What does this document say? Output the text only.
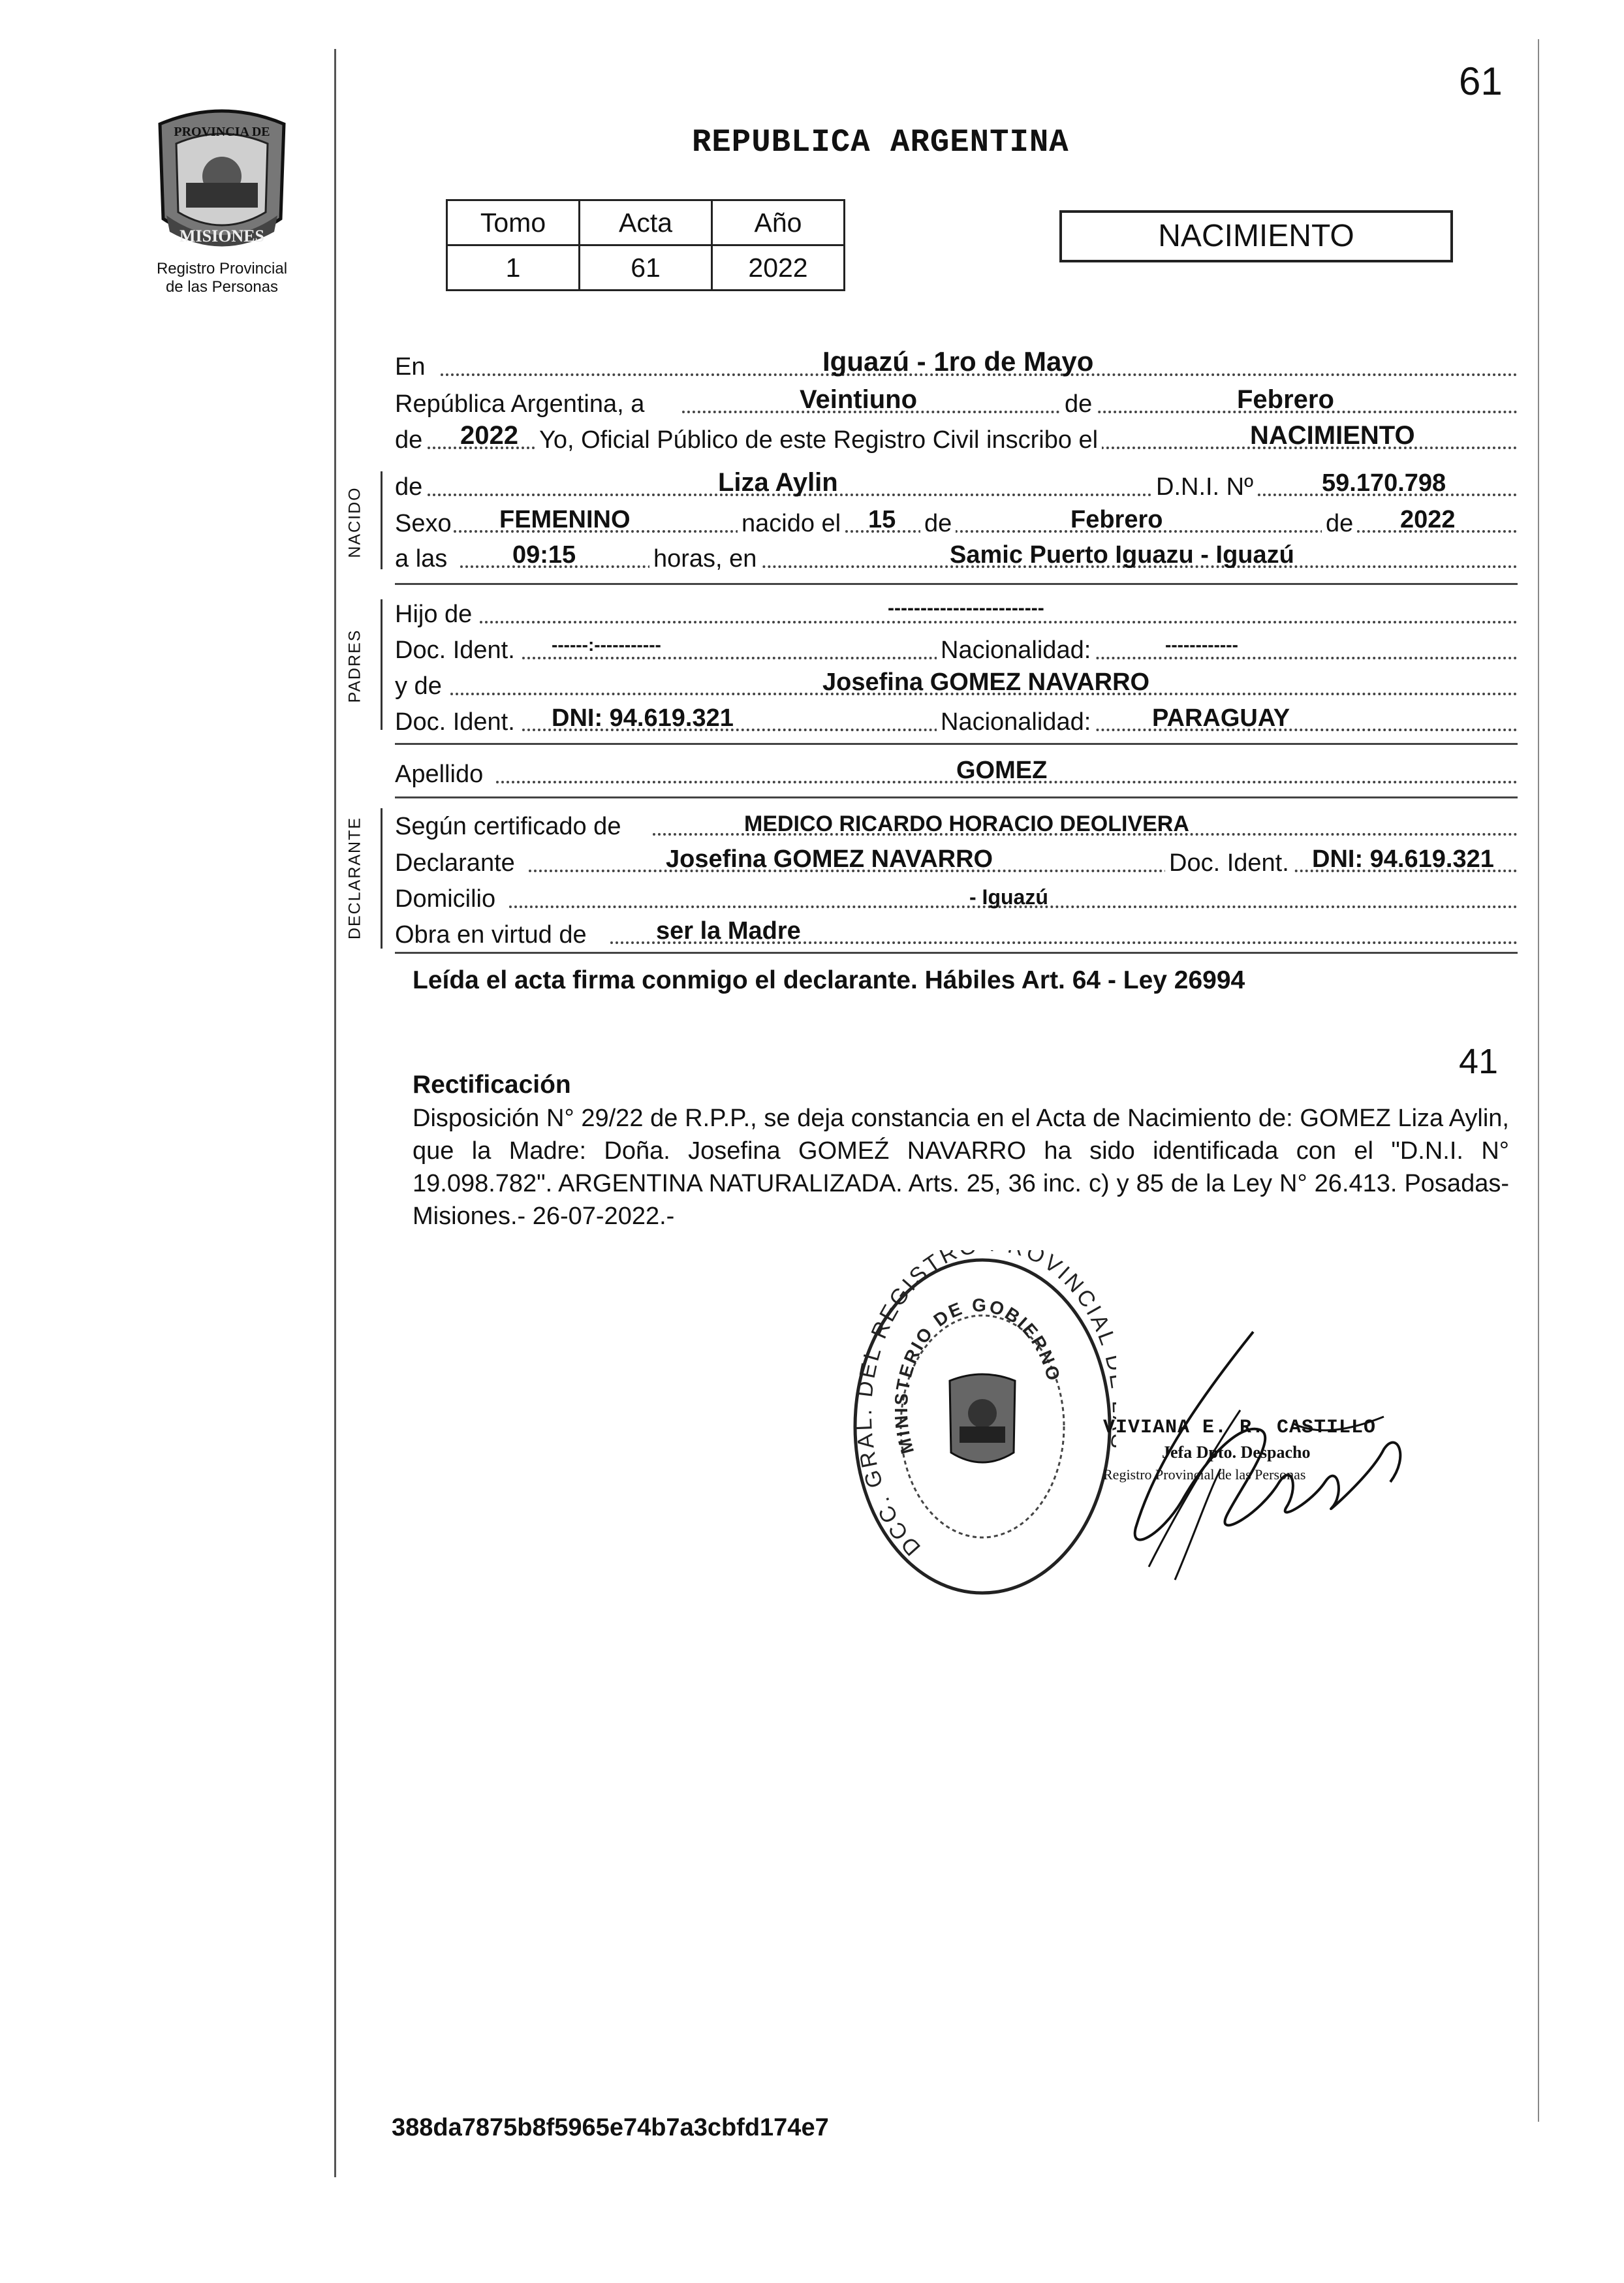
PROVINCIA DE
MISIONES
Registro Provincial
de las Personas
REPUBLICA ARGENTINA
61
Tomo	Acta	Año
1	61	2022
NACIMIENTO
En	Iguazú - 1ro de Mayo
República Argentina, a	Veintiuno	de	Febrero
de 2022 Yo, Oficial Público de este Registro Civil inscribo el	NACIMIENTO
NACIDO de	Liza Aylin	D.N.I. Nº	59.170.798
Sexo FEMENINO	nacido el 15 de	Febrero	de 2022
a las	09:15	horas, en	Samic Puerto Iguazu - Iguazú
PADRES
Hijo de	------------------------
Doc. Ident. ------:-----------	Nacionalidad:	------------
y de	Josefina GOMEZ NAVARRO
Doc. Ident. DNI: 94.619.321	Nacionalidad: PARAGUAY
Apellido	GOMEZ
DECLARANTE Según certificado de	MEDICO RICARDO HORACIO DEOLIVERA
Declarante	Josefina GOMEZ NAVARRO	Doc. Ident. DNI: 94.619.321
Domicilio	- Iguazú
Obra en virtud de	ser la Madre
Leída el acta firma conmigo el declarante. Hábiles Art. 64 - Ley 26994
41
Rectificación
Disposición N° 29/22 de R.P.P., se deja constancia en el Acta de Nacimiento de: GOMEZ Liza Aylin, que la Madre: Doña. Josefina GOMEŹ NAVARRO ha sido identificada con el "D.N.I. N° 19.098.782". ARGENTINA NATURALIZADA. Arts. 25, 36 inc. c) y 85 de la Ley N° 26.413. Posadas-Misiones.- 26-07-2022.-
DCC. GRAL. DEL REGISTR OVINCIA
MINISTERIO DE GOBIERNO
VIVIANA E. R. CASTILLO
Jefa Dpto. Despacho
Registro Provincial de las Personas
388da7875b8f5965e74b7a3cbfd174e7
